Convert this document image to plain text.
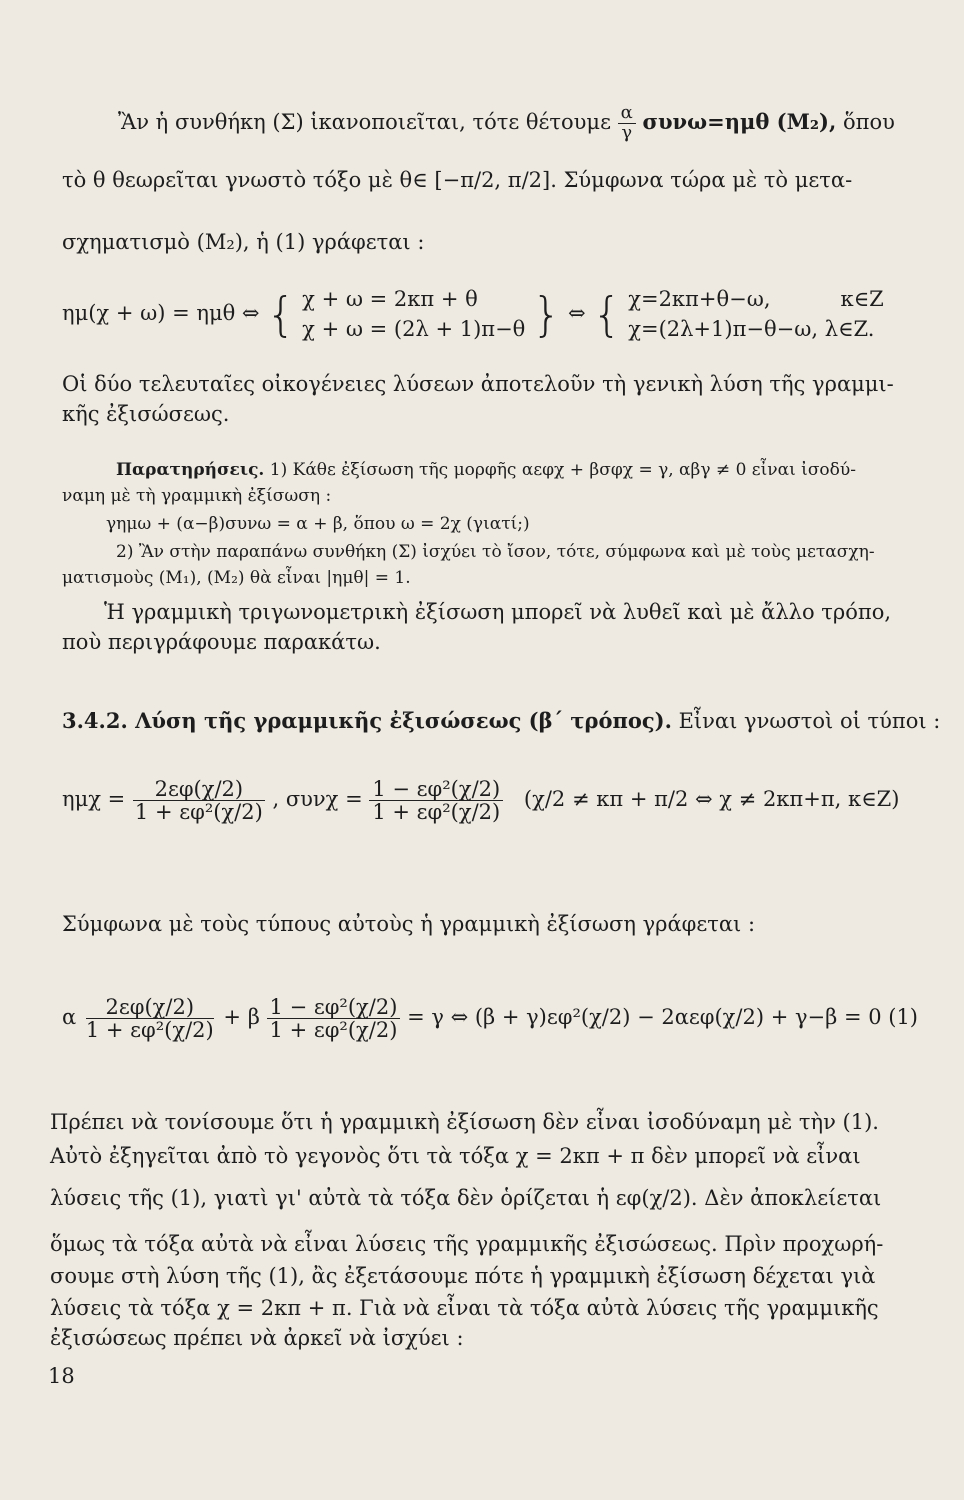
Ἂν ἡ συνθήκη (Σ) ἱκανοποιεῖται, τότε θέτουμε $\frac{\alpha}{\gamma} \sigma\upsilon\nu\omega=\eta\mu\theta$ (M₂), ὅπου
τὸ θ θεωρεῖται γνωστὸ τόξο μὲ θ∈ [−π/2, π/2]. Σύμφωνα τώρα μὲ τὸ μετα-
σχηματισμὸ (M₂), ἡ (1) γράφεται :
ημ(χ + ω) = ημθ ⇔ { χ + ω = 2κπ + θ
χ + ω = (2λ + 1)π−θ } ⇔ { χ=2κπ+θ−ω,	κ∈Z
χ=(2λ+1)π−θ−ω, λ∈Z.
Οἱ δύο τελευταῖες οἰκογένειες λύσεων ἀποτελοῦν τὴ γενικὴ λύση τῆς γραμμι-
κῆς ἐξισώσεως.
Παρατηρήσεις. 1) Κάθε ἐξίσωση τῆς μορφῆς αεφχ + βσφχ = γ, αβγ ≠ 0 εἶναι ἰσοδύ-
ναμη μὲ τὴ γραμμικὴ ἐξίσωση :
γημω + (α−β)συνω = α + β, ὅπου ω = 2χ (γιατί;)
2) Ἂν στὴν παραπάνω συνθήκη (Σ) ἰσχύει τὸ ἴσον, τότε, σύμφωνα καὶ μὲ τοὺς μετασχη-
ματισμοὺς (M₁), (M₂) θὰ εἶναι |ημθ| = 1.
Ἡ γραμμικὴ τριγωνομετρικὴ ἐξίσωση μπορεῖ νὰ λυθεῖ καὶ μὲ ἄλλο τρόπο,
ποὺ περιγράφουμε παρακάτω.
3.4.2. Λύση τῆς γραμμικῆς ἐξισώσεως (β΄ τρόπος). Εἶναι γνωστοὶ οἱ τύποι :
$\eta\mu\chi = \frac{2\varepsilon\varphi(\chi/2)}{\text{1 + εφ²(χ/2)}}$ , $\sigma\upsilon\nu\chi = \frac{\text{1 − εφ²(χ/2)}}{\text{1 + εφ²(χ/2)}} (\chi/2 \ne \kappa\pi + \pi/2$ ⇔ χ ≠ 2κπ+π, κ∈Z)
Σύμφωνα μὲ τοὺς τύπους αὐτοὺς ἡ γραμμικὴ ἐξίσωση γράφεται :
α $\frac{2\varepsilon\varphi(\chi/2)}{\text{1 + εφ²(χ/2)}} + \beta \frac{\text{1 − εφ²(χ/2)}}{\text{1 + εφ²(χ/2)}} = \gamma$ ⇔ (β + γ)εφ²(χ/2) − 2αεφ(χ/2) + γ−β = 0 (1)
Πρέπει νὰ τονίσουμε ὅτι ἡ γραμμικὴ ἐξίσωση δὲν εἶναι ἰσοδύναμη μὲ τὴν (1).
Αὐτὸ ἐξηγεῖται ἀπὸ τὸ γεγονὸς ὅτι τὰ τόξα χ = 2κπ + π δὲν μπορεῖ νὰ εἶναι
λύσεις τῆς (1), γιατὶ γι' αὐτὰ τὰ τόξα δὲν ὁρίζεται ἡ εφ(χ/2). Δὲν ἀποκλείεται
ὅμως τὰ τόξα αὐτὰ νὰ εἶναι λύσεις τῆς γραμμικῆς ἐξισώσεως. Πρὶν προχωρή-
σουμε στὴ λύση τῆς (1), ἂς ἐξετάσουμε πότε ἡ γραμμικὴ ἐξίσωση δέχεται γιὰ
λύσεις τὰ τόξα χ = 2κπ + π. Γιὰ νὰ εἶναι τὰ τόξα αὐτὰ λύσεις τῆς γραμμικῆς
ἐξισώσεως πρέπει νὰ ἀρκεῖ νὰ ἰσχύει :
18
